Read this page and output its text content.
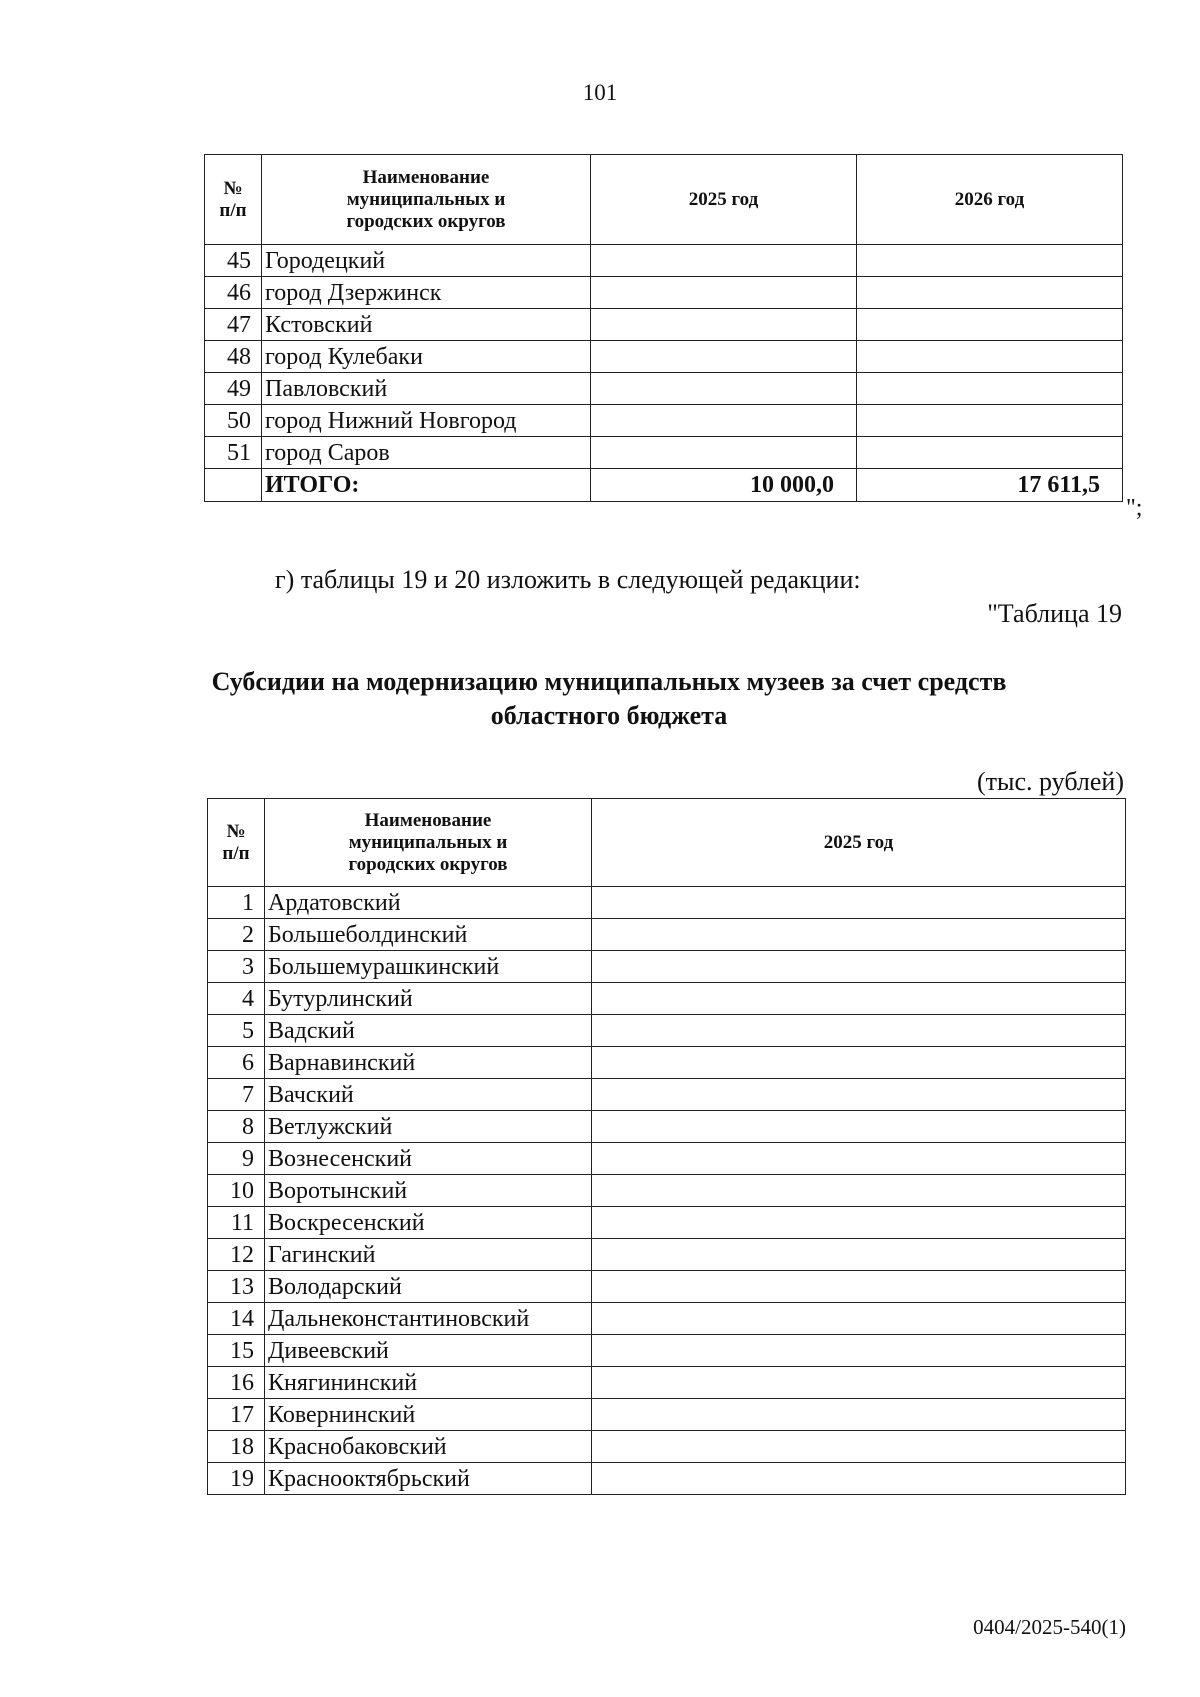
101
№ п/п	Наименование муниципальных и городских округов	2025 год	2026 год
45	Городецкий		
46	город Дзержинск		
47	Кстовский		
48	город Кулебаки		
49	Павловский		
50	город Нижний Новгород		
51	город Саров		
	ИТОГО:	10 000,0	17 611,5
";
г) таблицы 19 и 20 изложить в следующей редакции:
"Таблица 19
Субсидии на модернизацию муниципальных музеев за счет средств областного бюджета
(тыс. рублей)
№ п/п	Наименование муниципальных и городских округов	2025 год
1	Ардатовский	
2	Большеболдинский	
3	Большемурашкинский	
4	Бутурлинский	
5	Вадский	
6	Варнавинский	
7	Вачский	
8	Ветлужский	
9	Вознесенский	
10	Воротынский	
11	Воскресенский	
12	Гагинский	
13	Володарский	
14	Дальнеконстантиновский	
15	Дивеевский	
16	Княгининский	
17	Ковернинский	
18	Краснобаковский	
19	Краснооктябрьский	
0404/2025-540(1)
